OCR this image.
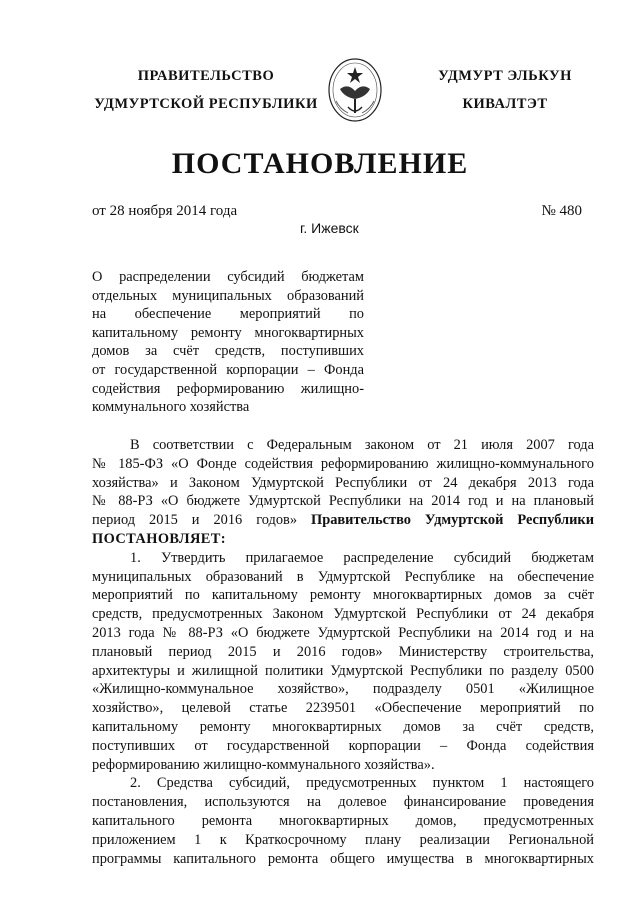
ПРАВИТЕЛЬСТВО
УДМУРТСКОЙ РЕСПУБЛИКИ
УДМУРТ ЭЛЬКУН
КИВАЛТЭТ
ПОСТАНОВЛЕНИЕ
от 28 ноября 2014 года	№ 480
г. Ижевск
О распределении субсидий бюджетам
отдельных муниципальных образований
на обеспечение мероприятий по
капитальному ремонту многоквартирных
домов за счёт средств, поступивших
от государственной корпорации – Фонда
содействия реформированию жилищно-
коммунального хозяйства
В соответствии с Федеральным законом от 21 июля 2007 года
№ 185-ФЗ «О Фонде содействия реформированию жилищно-коммунального
хозяйства» и Законом Удмуртской Республики от 24 декабря 2013 года
№ 88-РЗ «О бюджете Удмуртской Республики на 2014 год и на плановый
период 2015 и 2016 годов» Правительство Удмуртской Республики
ПОСТАНОВЛЯЕТ:
1. Утвердить прилагаемое распределение субсидий бюджетам
муниципальных образований в Удмуртской Республике на обеспечение
мероприятий по капитальному ремонту многоквартирных домов за счёт
средств, предусмотренных Законом Удмуртской Республики от 24 декабря
2013 года № 88-РЗ «О бюджете Удмуртской Республики на 2014 год и на
плановый период 2015 и 2016 годов» Министерству строительства,
архитектуры и жилищной политики Удмуртской Республики по разделу 0500
«Жилищно-коммунальное хозяйство», подразделу 0501 «Жилищное
хозяйство», целевой статье 2239501 «Обеспечение мероприятий по
капитальному ремонту многоквартирных домов за счёт средств,
поступивших от государственной корпорации – Фонда содействия
реформированию жилищно-коммунального хозяйства».
2. Средства субсидий, предусмотренных пунктом 1 настоящего
постановления, используются на долевое финансирование проведения
капитального ремонта многоквартирных домов, предусмотренных
приложением 1 к Краткосрочному плану реализации Региональной
программы капитального ремонта общего имущества в многоквартирных
